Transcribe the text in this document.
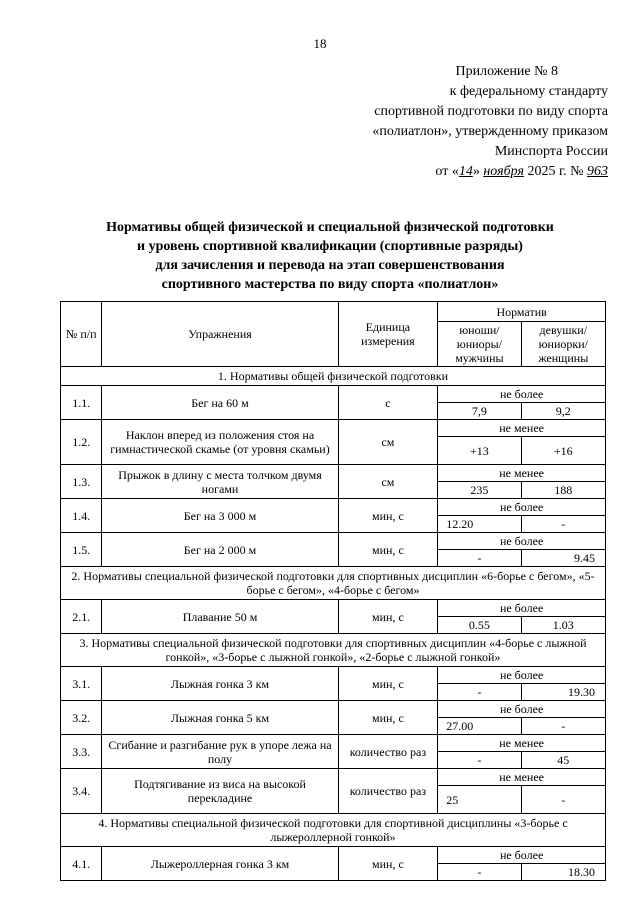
18
Приложение № 8
к федеральному стандарту
спортивной подготовки по виду спорта
«полиатлон», утвержденному приказом
Минспорта России
от «14» ноября 2025 г. № 963
Нормативы общей физической и специальной физической подготовки
и уровень спортивной квалификации (спортивные разряды)
для зачисления и перевода на этап совершенствования
спортивного мастерства по виду спорта «полиатлон»
№ п/п	Упражнения	Единица измерения	Норматив	
			юноши/ юниоры/ мужчины	девушки/ юниорки/ женщины
1. Нормативы общей физической подготовки				
1.1.	Бег на 60 м	с	не более	
			7,9	9,2
1.2.	Наклон вперед из положения стоя на гимнастической скамье (от уровня скамьи)	см	не менее	
			+13	+16
1.3.	Прыжок в длину с места толчком двумя ногами	см	не менее	
			235	188
1.4.	Бег на 3 000 м	мин, с	не более	
			12.20	-
1.5.	Бег на 2 000 м	мин, с	не более	
			-	9.45
2. Нормативы специальной физической подготовки для спортивных дисциплин «6-борье с бегом», «5-борье с бегом», «4-борье с бегом»				
2.1.	Плавание 50 м	мин, с	не более	
			0.55	1.03
3. Нормативы специальной физической подготовки для спортивных дисциплин «4-борье с лыжной гонкой», «3-борье с лыжной гонкой», «2-борье с лыжной гонкой»				
3.1.	Лыжная гонка 3 км	мин, с	не более	
			-	19.30
3.2.	Лыжная гонка 5 км	мин, с	не более	
			27.00	-
3.3.	Сгибание и разгибание рук в упоре лежа на полу	количество раз	не менее	
			-	45
3.4.	Подтягивание из виса на высокой перекладине	количество раз	не менее	
			25	-
4. Нормативы специальной физической подготовки для спортивной дисциплины «3-борье с лыжероллерной гонкой»				
4.1.	Лыжероллерная гонка 3 км	мин, с	не более	
			-	18.30
